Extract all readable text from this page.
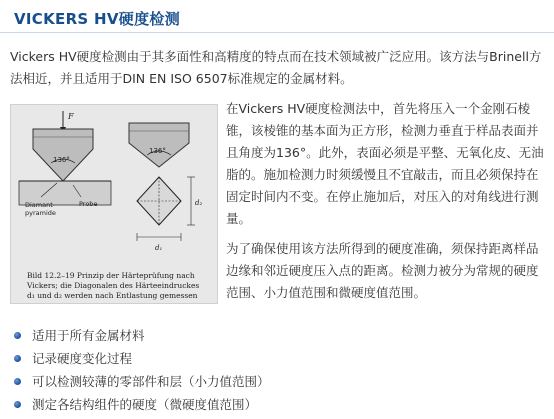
VICKERS HV硬度检测
Vickers HV硬度检测由于其多面性和高精度的特点而在技术领域被广泛应用。该方法与Brinell方法相近，并且适用于DIN EN ISO 6507标准规定的金属材料。
F
136°
Diamant-
pyramide
Probe
136°
d₂
d₁
Bild 12.2–19 Prinzip der Härteprüfung nach Vickers; die Diagonalen des Härteeindruckes d₁ und d₂ werden nach Entlastung gemessen

在Vickers HV硬度检测法中，首先将压入一个金刚石棱锥，该棱锥的基本面为正方形，检测力垂直于样品表面并且角度为136°。此外，表面必须是平整、无氧化皮、无油脂的。施加检测力时须缓慢且不宜敲击，而且必须保持在固定时间内不变。在停止施加后，对压入的对角线进行测量。

为了确保使用该方法所得到的硬度准确，须保持距离样品边缘和邻近硬度压入点的距离。检测力被分为常规的硬度范围、小力值范围和微硬度值范围。

适用于所有金属材料
记录硬度变化过程
可以检测较薄的零部件和层（小力值范围）
测定各结构组件的硬度（微硬度值范围）
